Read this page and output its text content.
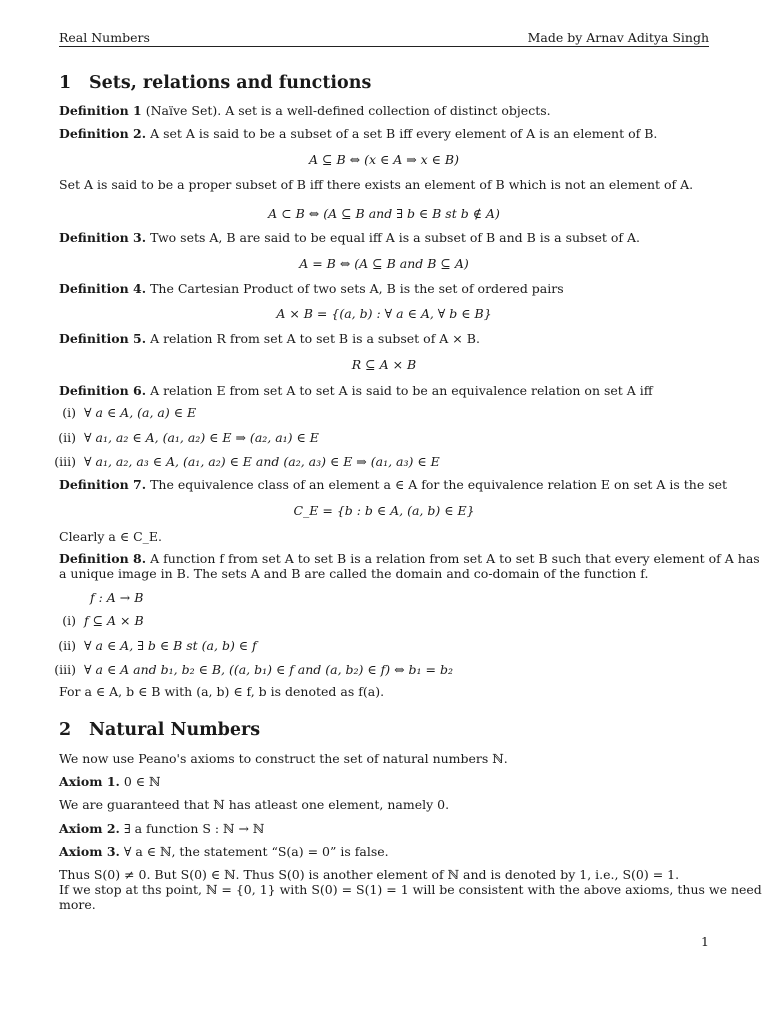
Real Numbers	Made by Arnav Aditya Singh
1 Sets, relations and functions
Definition 1 (Naïve Set). A set is a well-defined collection of distinct objects.
Definition 2. A set A is said to be a subset of a set B iff every element of A is an element of B.
A ⊆ B ⇔ (x ∈ A ⇒ x ∈ B)
Set A is said to be a proper subset of B iff there exists an element of B which is not an element of A.
A ⊂ B ⇔ (A ⊆ B and ∃ b ∈ B st b ∉ A)
Definition 3. Two sets A, B are said to be equal iff A is a subset of B and B is a subset of A.
A = B ⇔ (A ⊆ B and B ⊆ A)
Definition 4. The Cartesian Product of two sets A, B is the set of ordered pairs
A × B = {(a, b) : ∀ a ∈ A, ∀ b ∈ B}
Definition 5. A relation R from set A to set B is a subset of A × B.
R ⊆ A × B
Definition 6. A relation E from set A to set A is said to be an equivalence relation on set A iff
(i) ∀ a ∈ A, (a, a) ∈ E
(ii) ∀ a₁, a₂ ∈ A, (a₁, a₂) ∈ E ⇒ (a₂, a₁) ∈ E
(iii) ∀ a₁, a₂, a₃ ∈ A, (a₁, a₂) ∈ E and (a₂, a₃) ∈ E ⇒ (a₁, a₃) ∈ E
Definition 7. The equivalence class of an element a ∈ A for the equivalence relation E on set A is the set
C_E = {b : b ∈ A, (a, b) ∈ E}
Clearly a ∈ C_E.
Definition 8. A function f from set A to set B is a relation from set A to set B such that every element of A has
a unique image in B. The sets A and B are called the domain and co-domain of the function f.
f : A → B
(i) f ⊆ A × B
(ii) ∀ a ∈ A, ∃ b ∈ B st (a, b) ∈ f
(iii) ∀ a ∈ A and b₁, b₂ ∈ B, ((a, b₁) ∈ f and (a, b₂) ∈ f) ⇔ b₁ = b₂
For a ∈ A, b ∈ B with (a, b) ∈ f, b is denoted as f(a).
2 Natural Numbers
We now use Peano's axioms to construct the set of natural numbers ℕ.
Axiom 1. 0 ∈ ℕ
We are guaranteed that ℕ has atleast one element, namely 0.
Axiom 2. ∃ a function S : ℕ → ℕ
Axiom 3. ∀ a ∈ ℕ, the statement “S(a) = 0” is false.
Thus S(0) ≠ 0. But S(0) ∈ ℕ. Thus S(0) is another element of ℕ and is denoted by 1, i.e., S(0) = 1.
If we stop at ths point, ℕ = {0, 1} with S(0) = S(1) = 1 will be consistent with the above axioms, thus we need
more.
1
